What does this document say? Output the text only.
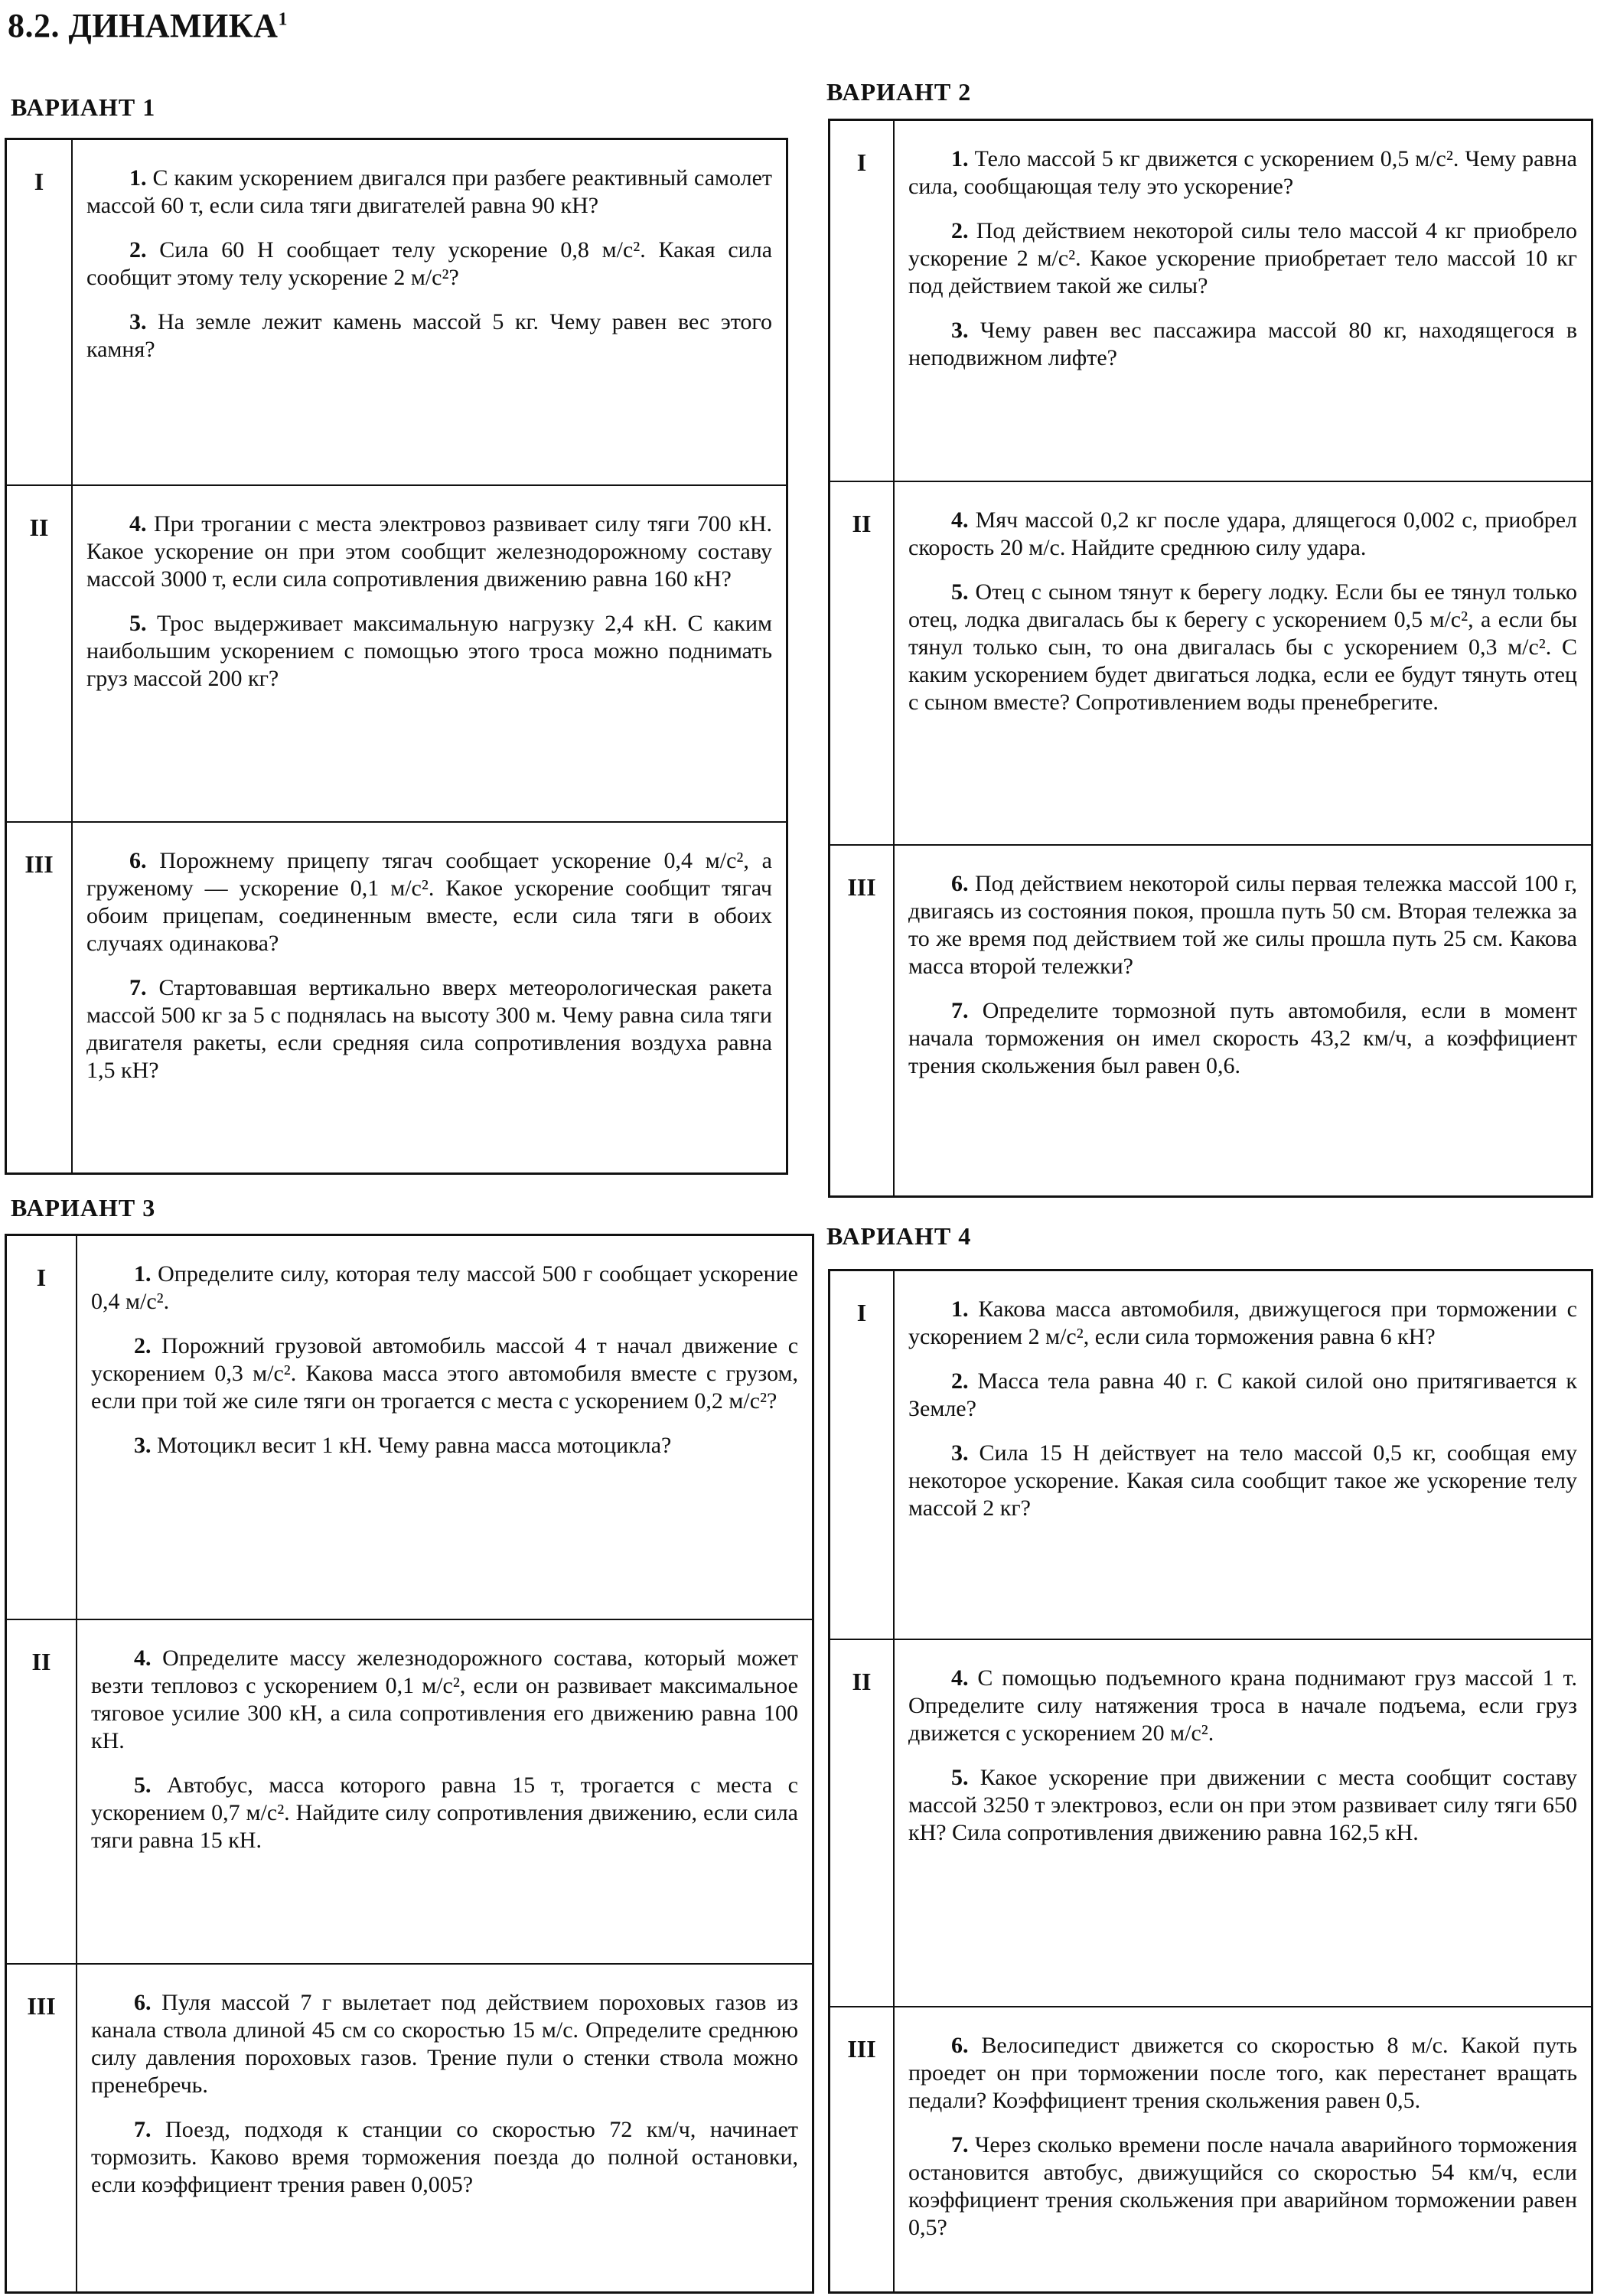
8.2. ДИНАМИКА$^1$
ВАРИАНТ 1
I	1. С каким ускорением двигался при разбеге реактивный самолет массой 60 т, если сила тяги двигателей равна 90 кН?

2. Сила 60 Н сообщает телу ускорение 0,8 м/с². Какая сила сообщит этому телу ускорение 2 м/с²?

3. На земле лежит камень массой 5 кг. Чему равен вес этого камня?

II	4. При трогании с места электровоз развивает силу тяги 700 кН. Какое ускорение он при этом сообщит железнодорожному составу массой 3000 т, если сила сопротивления движению равна 160 кН?

5. Трос выдерживает максимальную нагрузку 2,4 кН. С каким наибольшим ускорением с помощью этого троса можно поднимать груз массой 200 кг?

III	6. Порожнему прицепу тягач сообщает ускорение 0,4 м/с², а груженому — ускорение 0,1 м/с². Какое ускорение сообщит тягач обоим прицепам, соединенным вместе, если сила тяги в обоих случаях одинакова?

7. Стартовавшая вертикально вверх метеорологическая ракета массой 500 кг за 5 с поднялась на высоту 300 м. Чему равна сила тяги двигателя ракеты, если средняя сила сопротивления воздуха равна 1,5 кН?

ВАРИАНТ 2
I	1. Тело массой 5 кг движется с ускорением 0,5 м/с². Чему равна сила, сообщающая телу это ускорение?

2. Под действием некоторой силы тело массой 4 кг приобрело ускорение 2 м/с². Какое ускорение приобретает тело массой 10 кг под действием такой же силы?

3. Чему равен вес пассажира массой 80 кг, находящегося в неподвижном лифте?

II	4. Мяч массой 0,2 кг после удара, длящегося 0,002 с, приобрел скорость 20 м/с. Найдите среднюю силу удара.

5. Отец с сыном тянут к берегу лодку. Если бы ее тянул только отец, лодка двигалась бы к берегу с ускорением 0,5 м/с², а если бы тянул только сын, то она двигалась бы с ускорением 0,3 м/с². С каким ускорением будет двигаться лодка, если ее будут тянуть отец с сыном вместе? Сопротивлением воды пренебрегите.

III	6. Под действием некоторой силы первая тележка массой 100 г, двигаясь из состояния покоя, прошла путь 50 см. Вторая тележка за то же время под действием той же силы прошла путь 25 см. Какова масса второй тележки?

7. Определите тормозной путь автомобиля, если в момент начала торможения он имел скорость 43,2 км/ч, а коэффициент трения скольжения был равен 0,6.

ВАРИАНТ 3
I	1. Определите силу, которая телу массой 500 г сообщает ускорение 0,4 м/с².

2. Порожний грузовой автомобиль массой 4 т начал движение с ускорением 0,3 м/с². Какова масса этого автомобиля вместе с грузом, если при той же силе тяги он трогается с места с ускорением 0,2 м/с²?

3. Мотоцикл весит 1 кН. Чему равна масса мотоцикла?

II	4. Определите массу железнодорожного состава, который может везти тепловоз с ускорением 0,1 м/с², если он развивает максимальное тяговое усилие 300 кН, а сила сопротивления его движению равна 100 кН.

5. Автобус, масса которого равна 15 т, трогается с места с ускорением 0,7 м/с². Найдите силу сопротивления движению, если сила тяги равна 15 кН.

III	6. Пуля массой 7 г вылетает под действием пороховых газов из канала ствола длиной 45 см со скоростью 15 м/с. Определите среднюю силу давления пороховых газов. Трение пули о стенки ствола можно пренебречь.

7. Поезд, подходя к станции со скоростью 72 км/ч, начинает тормозить. Каково время торможения поезда до полной остановки, если коэффициент трения равен 0,005?

ВАРИАНТ 4
I	1. Какова масса автомобиля, движущегося при торможении с ускорением 2 м/с², если сила торможения равна 6 кН?

2. Масса тела равна 40 г. С какой силой оно притягивается к Земле?

3. Сила 15 Н действует на тело массой 0,5 кг, сообщая ему некоторое ускорение. Какая сила сообщит такое же ускорение телу массой 2 кг?

II	4. С помощью подъемного крана поднимают груз массой 1 т. Определите силу натяжения троса в начале подъема, если груз движется с ускорением 20 м/с².

5. Какое ускорение при движении с места сообщит составу массой 3250 т электровоз, если он при этом развивает силу тяги 650 кН? Сила сопротивления движению равна 162,5 кН.

III	6. Велосипедист движется со скоростью 8 м/с. Какой путь проедет он при торможении после того, как перестанет вращать педали? Коэффициент трения скольжения равен 0,5.

7. Через сколько времени после начала аварийного торможения остановится автобус, движущийся со скоростью 54 км/ч, если коэффициент трения скольжения при аварийном торможении равен 0,5?
